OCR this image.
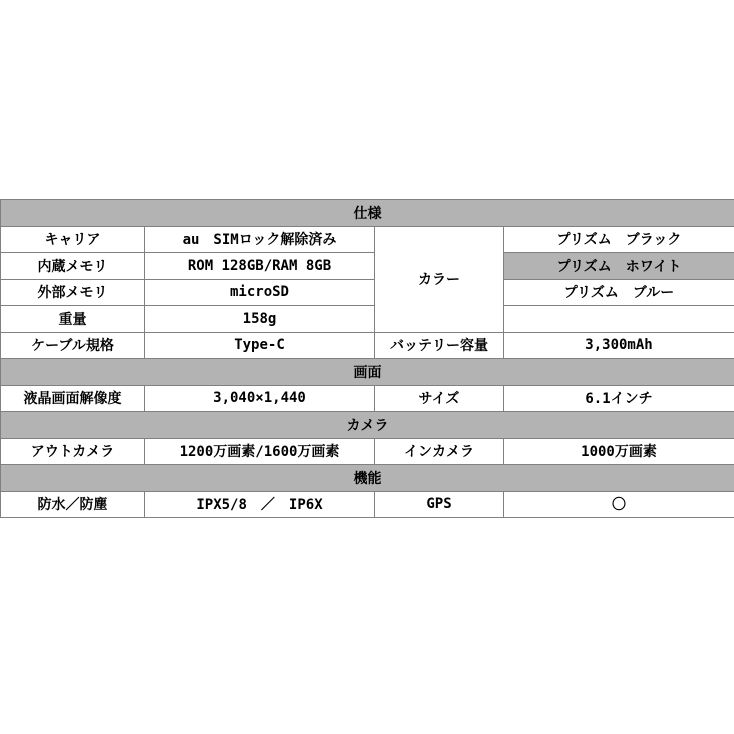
仕様			
キャリア	au　SIMロック解除済み	カラー	プリズム　ブラック
内蔵メモリ	ROM 128GB/RAM 8GB		プリズム　ホワイト
外部メモリ	microSD		プリズム　ブルー
重量	158g		
ケーブル規格	Type-C	バッテリー容量	3,300mAh
画面			
液晶画面解像度	3,040×1,440	サイズ	6.1インチ
カメラ			
アウトカメラ	1200万画素/1600万画素	インカメラ	1000万画素
機能			
防水／防塵	IPX5/8　／　IP6X	GPS	〇
